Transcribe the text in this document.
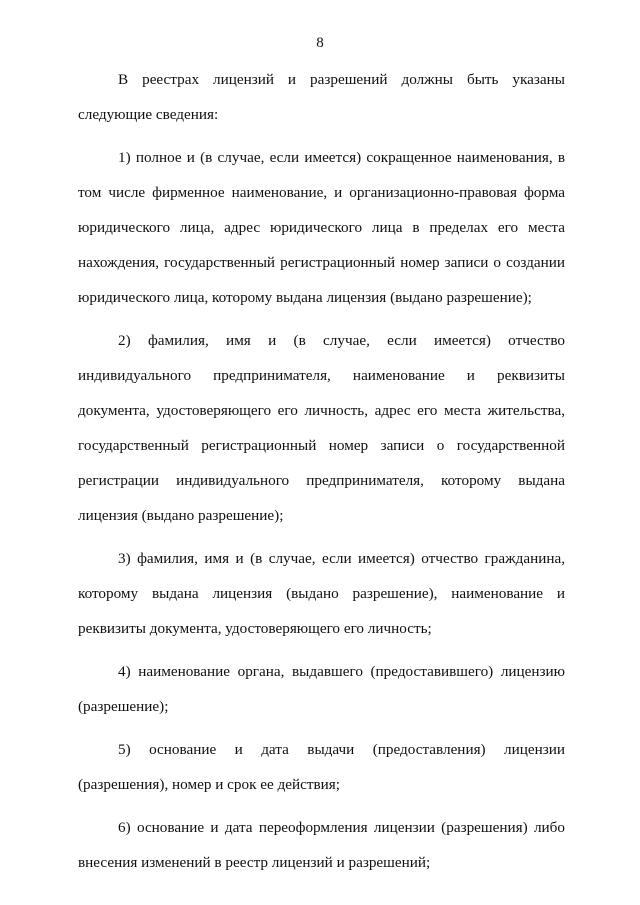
8

В реестрах лицензий и разрешений должны быть указаны следующие сведения:

1) полное и (в случае, если имеется) сокращенное наименования, в том числе фирменное наименование, и организационно-правовая форма юридического лица, адрес юридического лица в пределах его места нахождения, государственный регистрационный номер записи о создании юридического лица, которому выдана лицензия (выдано разрешение);

2) фамилия, имя и (в случае, если имеется) отчество индивидуального предпринимателя, наименование и реквизиты документа, удостоверяющего его личность, адрес его места жительства, государственный регистрационный номер записи о государственной регистрации индивидуального предпринимателя, которому выдана лицензия (выдано разрешение);

3) фамилия, имя и (в случае, если имеется) отчество гражданина, которому выдана лицензия (выдано разрешение), наименование и реквизиты документа, удостоверяющего его личность;

4) наименование органа, выдавшего (предоставившего) лицензию (разрешение);

5) основание и дата выдачи (предоставления) лицензии (разрешения), номер и срок ее действия;

6) основание и дата переоформления лицензии (разрешения) либо внесения изменений в реестр лицензий и разрешений;
